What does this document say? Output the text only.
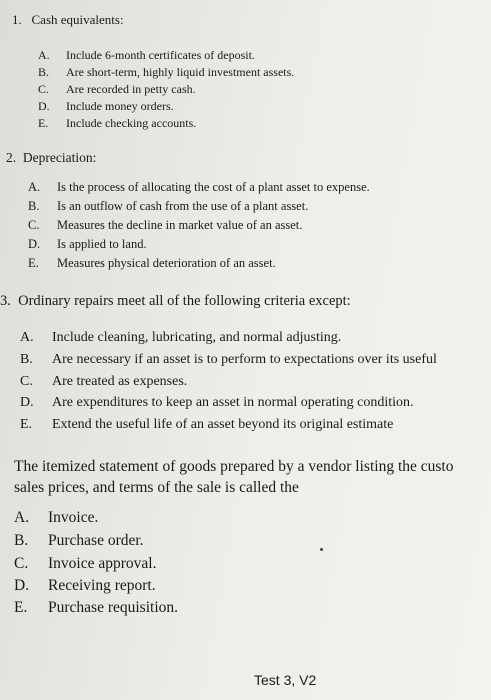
1. Cash equivalents:
A. Include 6-month certificates of deposit.
B. Are short-term, highly liquid investment assets.
C. Are recorded in petty cash.
D. Include money orders.
E. Include checking accounts.
2. Depreciation:
A. Is the process of allocating the cost of a plant asset to expense.
B. Is an outflow of cash from the use of a plant asset.
C. Measures the decline in market value of an asset.
D. Is applied to land.
E. Measures physical deterioration of an asset.
3. Ordinary repairs meet all of the following criteria except:
A. Include cleaning, lubricating, and normal adjusting.
B. Are necessary if an asset is to perform to expectations over its useful
C. Are treated as expenses.
D. Are expenditures to keep an asset in normal operating condition.
E. Extend the useful life of an asset beyond its original estimate
The itemized statement of goods prepared by a vendor listing the custo
sales prices, and terms of the sale is called the
A. Invoice.
B. Purchase order.
C. Invoice approval.
D. Receiving report.
E. Purchase requisition.
Test 3, V2
